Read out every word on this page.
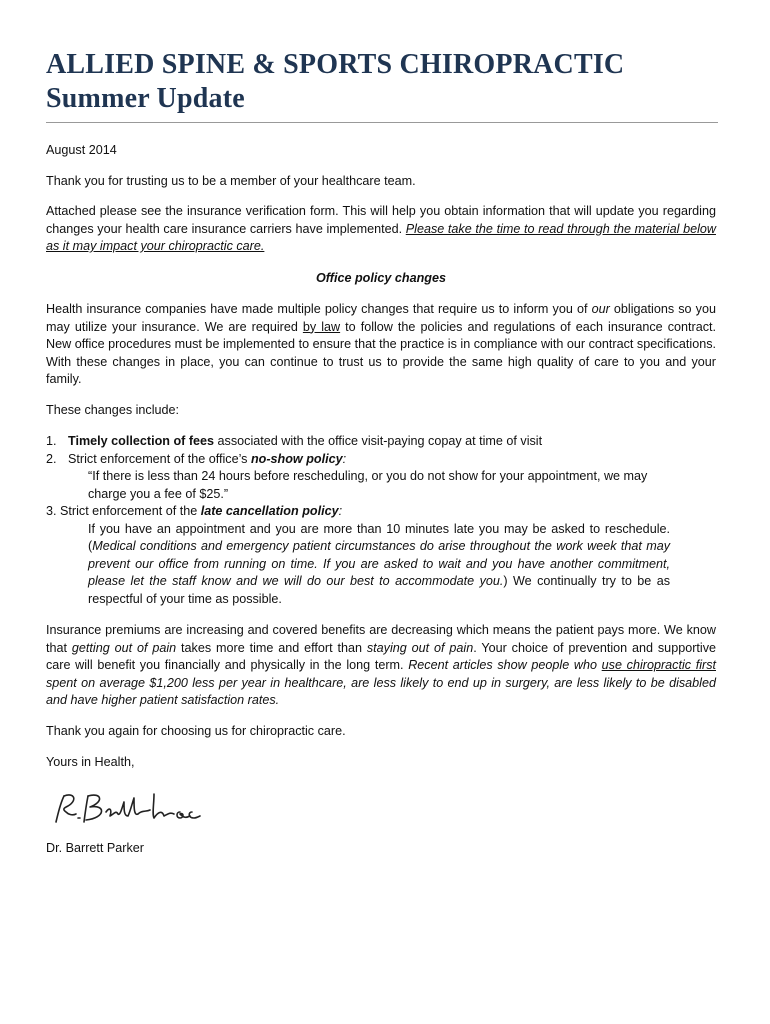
ALLIED SPINE & SPORTS CHIROPRACTIC
Summer Update

August 2014

Thank you for trusting us to be a member of your healthcare team.

Attached please see the insurance verification form. This will help you obtain information that will update you regarding changes your health care insurance carriers have implemented. Please take the time to read through the material below as it may impact your chiropractic care.

Office policy changes

Health insurance companies have made multiple policy changes that require us to inform you of our obligations so you may utilize your insurance. We are required by law to follow the policies and regulations of each insurance contract. New office procedures must be implemented to ensure that the practice is in compliance with our contract specifications. With these changes in place, you can continue to trust us to provide the same high quality of care to you and your family.

These changes include:

1. Timely collection of fees associated with the office visit-paying copay at time of visit
2. Strict enforcement of the office’s no-show policy:

“If there is less than 24 hours before rescheduling, or you do not show for your appointment, we may charge you a fee of $25.”

3. Strict enforcement of the late cancellation policy:

If you have an appointment and you are more than 10 minutes late you may be asked to reschedule. (Medical conditions and emergency patient circumstances do arise throughout the work week that may prevent our office from running on time. If you are asked to wait and you have another commitment, please let the staff know and we will do our best to accommodate you.) We continually try to be as respectful of your time as possible.

Insurance premiums are increasing and covered benefits are decreasing which means the patient pays more. We know that getting out of pain takes more time and effort than staying out of pain. Your choice of prevention and supportive care will benefit you financially and physically in the long term. Recent articles show people who use chiropractic first spent on average $1,200 less per year in healthcare, are less likely to end up in surgery, are less likely to be disabled and have higher patient satisfaction rates.

Thank you again for choosing us for chiropractic care.

Yours in Health,

Dr. Barrett Parker
